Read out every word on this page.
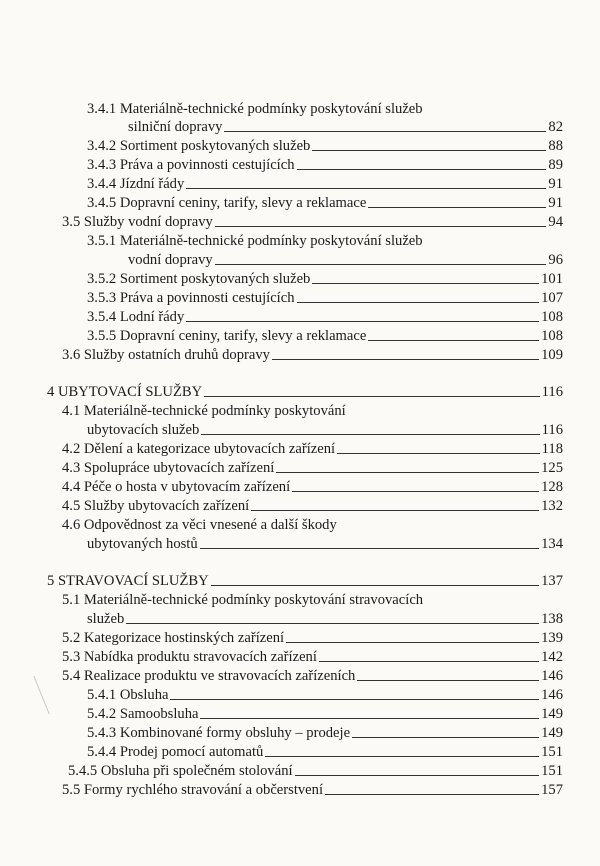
3.4.1 Materiálně-technické podmínky poskytování služeb
silniční dopravy	82
3.4.2 Sortiment poskytovaných služeb	88
3.4.3 Práva a povinnosti cestujících	89
3.4.4 Jízdní řády	91
3.4.5 Dopravní ceniny, tarify, slevy a reklamace	91
3.5 Služby vodní dopravy	94
3.5.1 Materiálně-technické podmínky poskytování služeb
vodní dopravy	96
3.5.2 Sortiment poskytovaných služeb	101
3.5.3 Práva a povinnosti cestujících	107
3.5.4 Lodní řády	108
3.5.5 Dopravní ceniny, tarify, slevy a reklamace	108
3.6 Služby ostatních druhů dopravy	109
4 UBYTOVACÍ SLUŽBY	116
4.1 Materiálně-technické podmínky poskytování
ubytovacích služeb	116
4.2 Dělení a kategorizace ubytovacích zařízení	118
4.3 Spolupráce ubytovacích zařízení	125
4.4 Péče o hosta v ubytovacím zařízení	128
4.5 Služby ubytovacích zařízení	132
4.6 Odpovědnost za věci vnesené a další škody
ubytovaných hostů	134
5 STRAVOVACÍ SLUŽBY	137
5.1 Materiálně-technické podmínky poskytování stravovacích
služeb	138
5.2 Kategorizace hostinských zařízení	139
5.3 Nabídka produktu stravovacích zařízení	142
5.4 Realizace produktu ve stravovacích zařízeních	146
5.4.1 Obsluha	146
5.4.2 Samoobsluha	149
5.4.3 Kombinované formy obsluhy – prodeje	149
5.4.4 Prodej pomocí automatů	151
5.4.5 Obsluha při společném stolování	151
5.5 Formy rychlého stravování a občerstvení	157
